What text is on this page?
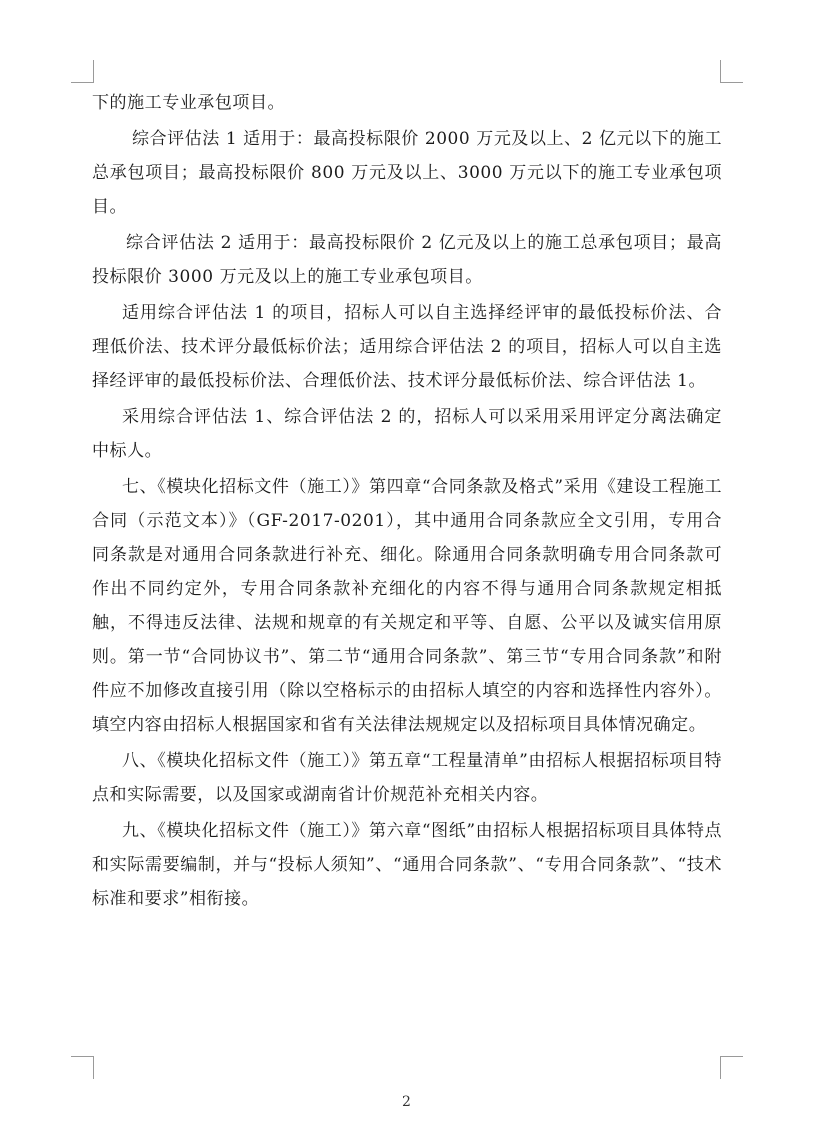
下的施工专业承包项目。

综合评估法 1 适用于：最高投标限价 2000 万元及以上、2 亿元以下的施工总承包项目；最高投标限价 800 万元及以上、3000 万元以下的施工专业承包项目。

综合评估法 2 适用于：最高投标限价 2 亿元及以上的施工总承包项目；最高投标限价 3000 万元及以上的施工专业承包项目。

适用综合评估法 1 的项目，招标人可以自主选择经评审的最低投标价法、合理低价法、技术评分最低标价法；适用综合评估法 2 的项目，招标人可以自主选择经评审的最低投标价法、合理低价法、技术评分最低标价法、综合评估法 1。

采用综合评估法 1、综合评估法 2 的，招标人可以采用采用评定分离法确定中标人。

七、《模块化招标文件（施工）》第四章“合同条款及格式”采用《建设工程施工合同（示范文本）》（GF-2017-0201），其中通用合同条款应全文引用，专用合同条款是对通用合同条款进行补充、细化。除通用合同条款明确专用合同条款可作出不同约定外，专用合同条款补充细化的内容不得与通用合同条款规定相抵触，不得违反法律、法规和规章的有关规定和平等、自愿、公平以及诚实信用原则。第一节“合同协议书”、第二节“通用合同条款”、第三节“专用合同条款”和附件应不加修改直接引用（除以空格标示的由招标人填空的内容和选择性内容外）。填空内容由招标人根据国家和省有关法律法规规定以及招标项目具体情况确定。

八、《模块化招标文件（施工）》第五章“工程量清单”由招标人根据招标项目特点和实际需要，以及国家或湖南省计价规范补充相关内容。

九、《模块化招标文件（施工）》第六章“图纸”由招标人根据招标项目具体特点和实际需要编制，并与“投标人须知”、“通用合同条款”、“专用合同条款”、“技术标准和要求”相衔接。

2
